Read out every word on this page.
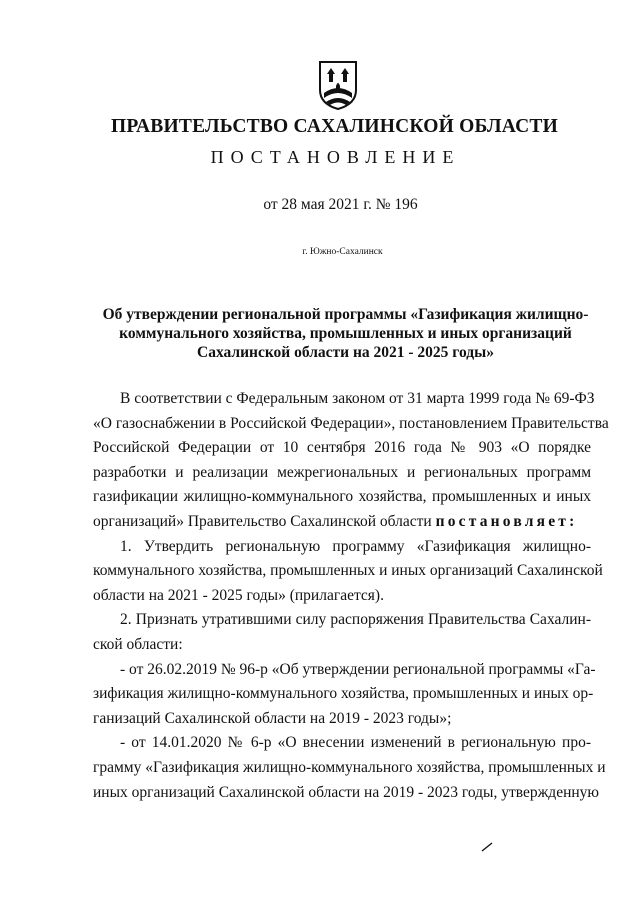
ПРАВИТЕЛЬСТВО САХАЛИНСКОЙ ОБЛАСТИ
ПОСТАНОВЛЕНИЕ
от 28 мая 2021 г. № 196
г. Южно-Сахалинск
Об утверждении региональной программы «Газификация жилищно-
коммунального хозяйства, промышленных и иных организаций
Сахалинской области на 2021 - 2025 годы»
В соответствии с Федеральным законом от 31 марта 1999 года № 69-ФЗ
«О газоснабжении в Российской Федерации», постановлением Правительства
Российской Федерации от 10 сентября 2016 года № 903 «О порядке
разработки и реализации межрегиональных и региональных программ
газификации жилищно-коммунального хозяйства, промышленных и иных
организаций» Правительство Сахалинской области постановляет:
1. Утвердить региональную программу «Газификация жилищно-
коммунального хозяйства, промышленных и иных организаций Сахалинской
области на 2021 - 2025 годы» (прилагается).
2. Признать утратившими силу распоряжения Правительства Сахалин-
ской области:
- от 26.02.2019 № 96-р «Об утверждении региональной программы «Га-
зификация жилищно-коммунального хозяйства, промышленных и иных ор-
ганизаций Сахалинской области на 2019 - 2023 годы»;
- от 14.01.2020 № 6-р «О внесении изменений в региональную про-
грамму «Газификация жилищно-коммунального хозяйства, промышленных и
иных организаций Сахалинской области на 2019 - 2023 годы, утвержденную
